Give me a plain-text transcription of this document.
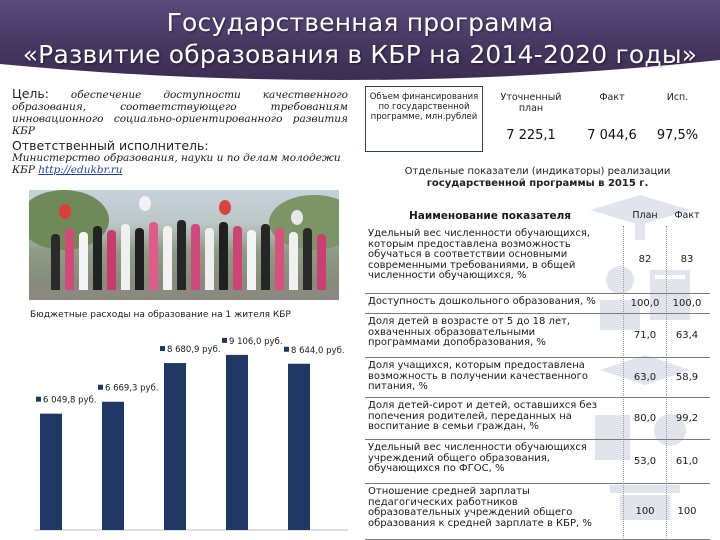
Государственная программа
«Развитие образования в КБР на 2014-2020 годы»
Цель: обеспечение доступности качественного образования, соответствующего требованиям инновационного социально-ориентированного развития КБР
Ответственный исполнитель:
Министерство образования, науки и по делам молодежи КБР http://edukbr.ru
Бюджетные расходы на образование на 1 жителя КБР
6 049,8 руб.
6 669,3 руб.
8 680,9 руб.
9 106,0 руб.
8 644,0 руб.
Объем финансирования по государственной программе, млн.рублей
Уточненный план
Факт	Исп.
7 225,1	7 044,6	97,5%
Отдельные показатели (индикаторы) реализации
государственной программы в 2015 г.
Наименование показателя	План	Факт
Удельный вес численности обучающихся, которым предоставлена возможность обучаться в соответствии основными современными требованиями, в общей численности обучающихся, %
82	83
Доступность дошкольного образования, %	100,0	100,0
Доля детей в возрасте от 5 до 18 лет, охваченных образовательными программами допобразования, %
71,0	63,4
Доля учащихся, которым предоставлена возможность в получении качественного питания, %
63,0	58,9
Доля детей-сирот и детей, оставшихся без попечения родителей, переданных на воспитание в семьи граждан, %
80,0	99,2
Удельный вес численности обучающихся учреждений общего образования, обучающихся по ФГОС, %
53,0	61,0
Отношение средней зарплаты педагогических работников образовательных учреждений общего образования к средней зарплате в КБР, %
100	100
